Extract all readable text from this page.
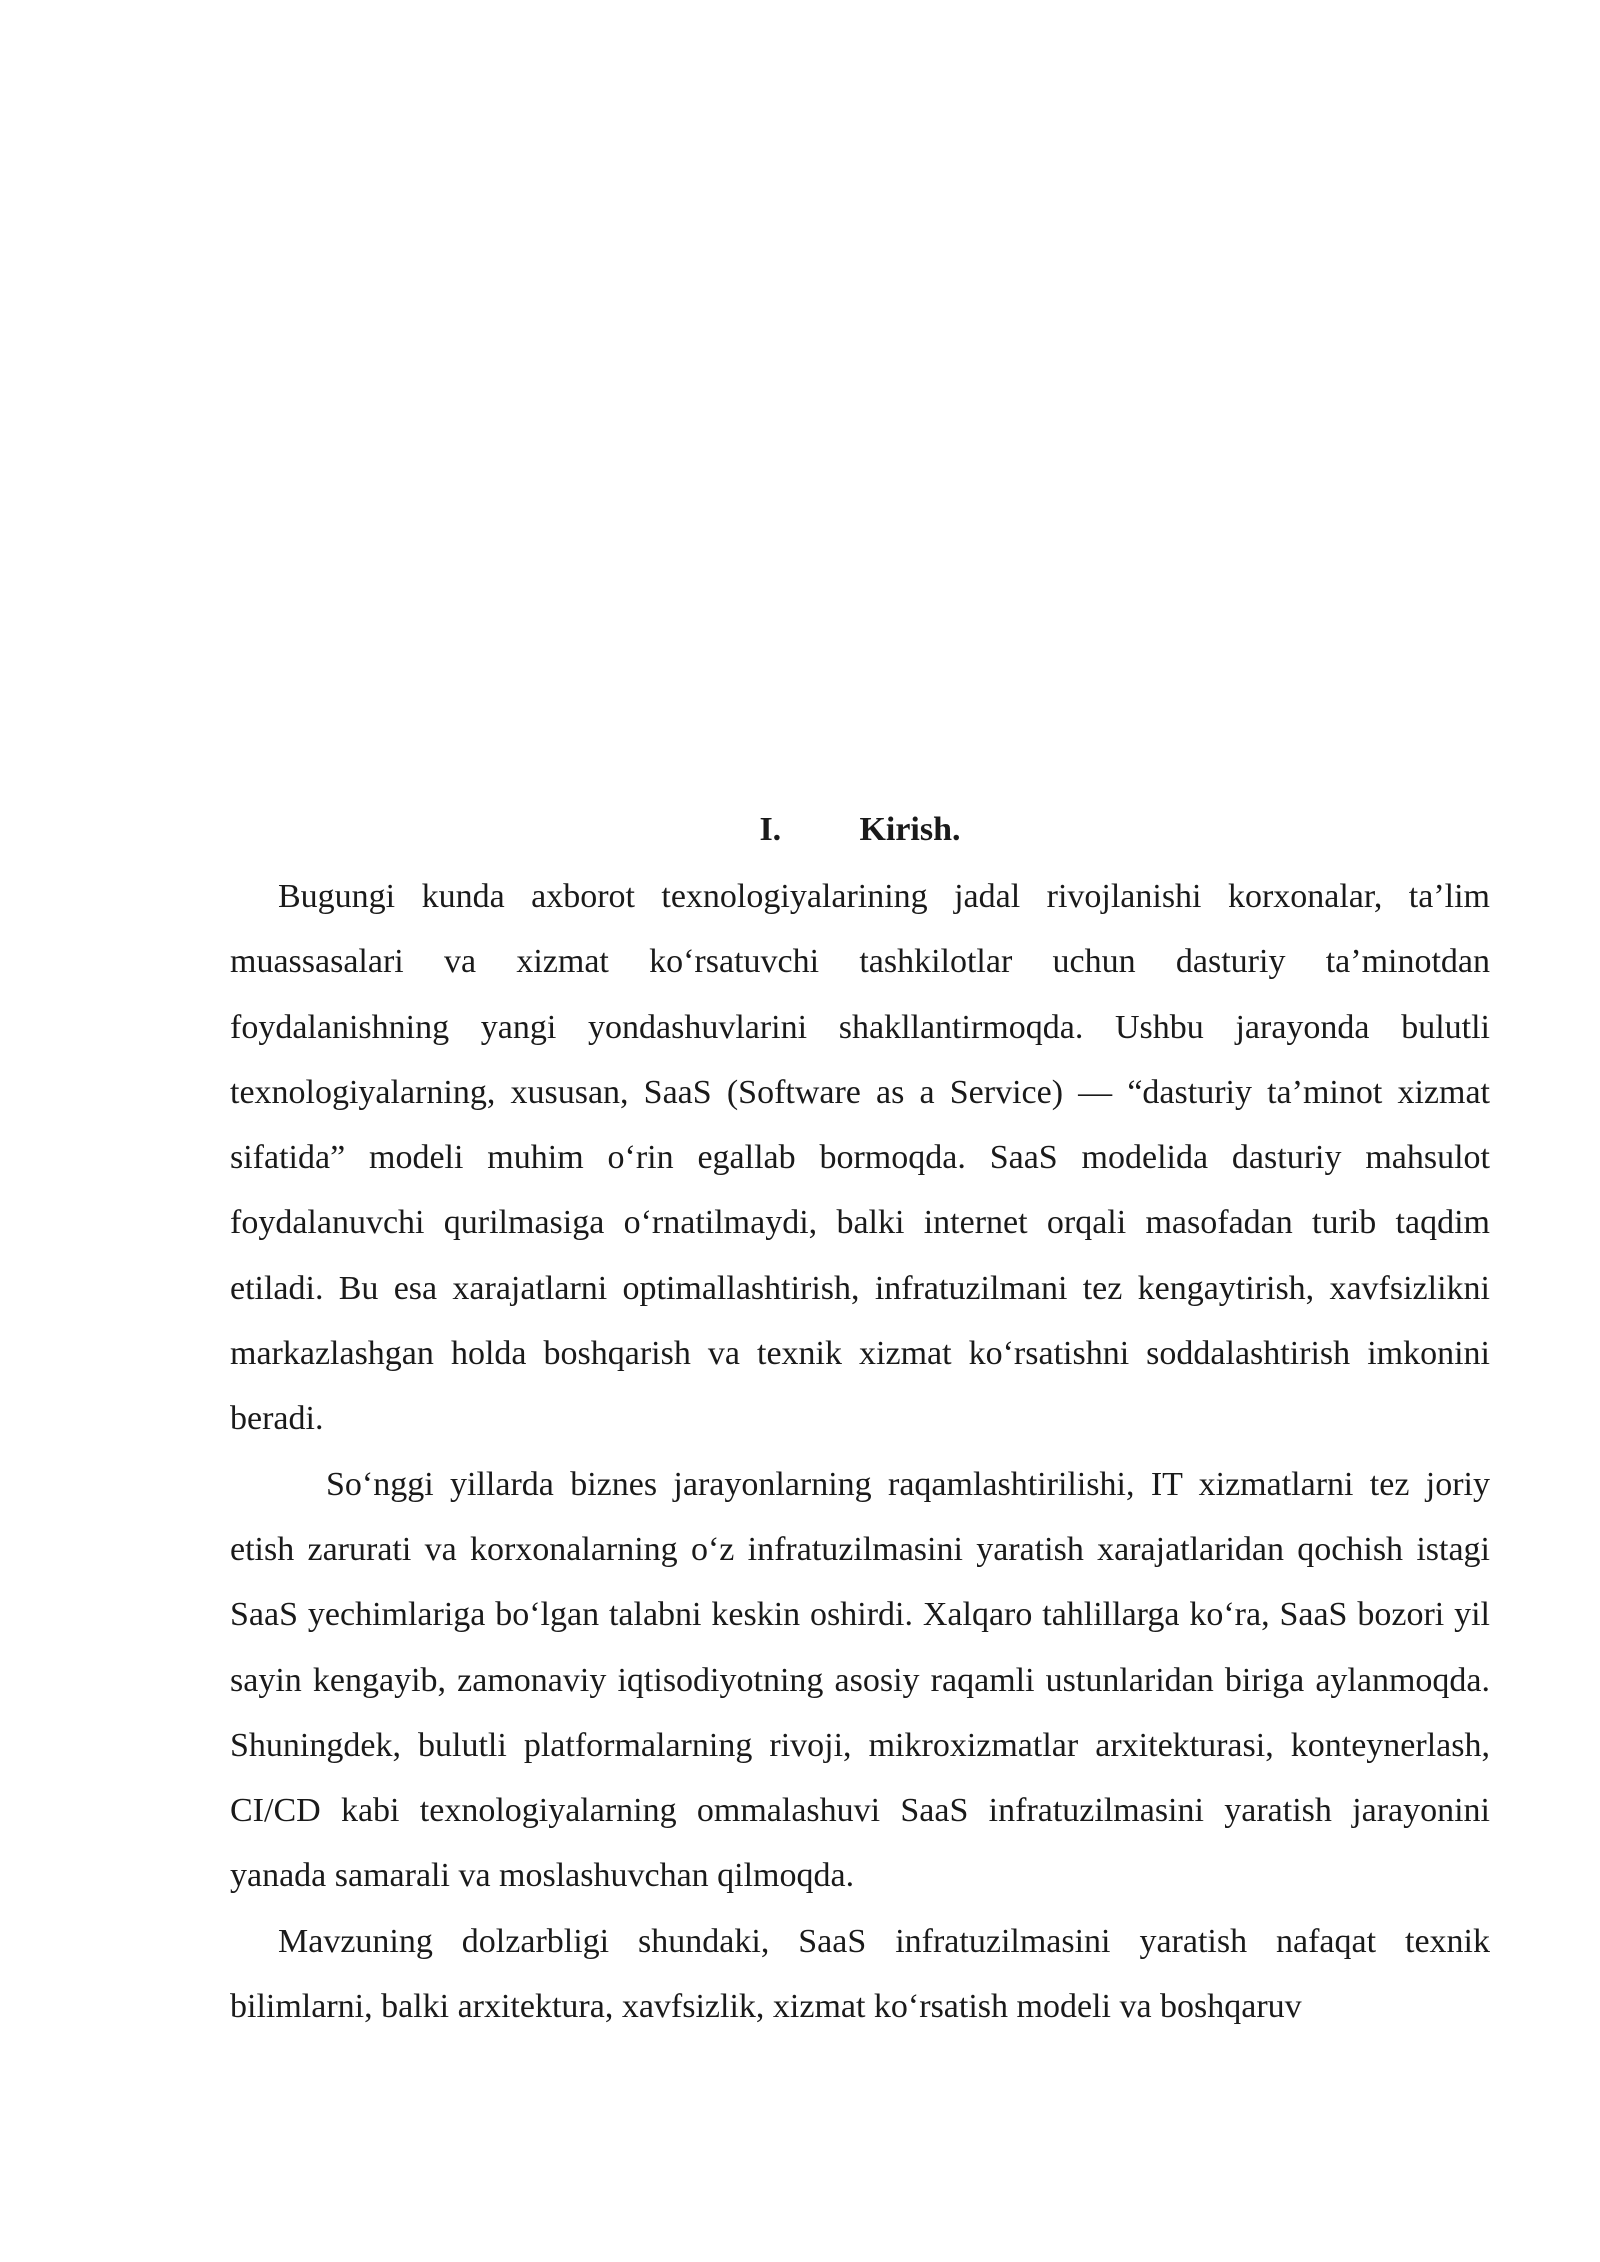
I. Kirish.

Bugungi kunda axborot texnologiyalarining jadal rivojlanishi korxonalar, ta’lim muassasalari va xizmat ko‘rsatuvchi tashkilotlar uchun dasturiy ta’minotdan foydalanishning yangi yondashuvlarini shakllantirmoqda. Ushbu jarayonda bulutli texnologiyalarning, xususan, SaaS (Software as a Service) — “dasturiy ta’minot xizmat sifatida” modeli muhim o‘rin egallab bormoqda. SaaS modelida dasturiy mahsulot foydalanuvchi qurilmasiga o‘rnatilmaydi, balki internet orqali masofadan turib taqdim etiladi. Bu esa xarajatlarni optimallashtirish, infratuzilmani tez kengaytirish, xavfsizlikni markazlashgan holda boshqarish va texnik xizmat ko‘rsatishni soddalashtirish imkonini beradi.

So‘nggi yillarda biznes jarayonlarning raqamlashtirilishi, IT xizmatlarni tez joriy etish zarurati va korxonalarning o‘z infratuzilmasini yaratish xarajatlaridan qochish istagi SaaS yechimlariga bo‘lgan talabni keskin oshirdi. Xalqaro tahlillarga ko‘ra, SaaS bozori yil sayin kengayib, zamonaviy iqtisodiyotning asosiy raqamli ustunlaridan biriga aylanmoqda. Shuningdek, bulutli platformalarning rivoji, mikroxizmatlar arxitekturasi, konteynerlash, CI/CD kabi texnologiyalarning ommalashuvi SaaS infratuzilmasini yaratish jarayonini yanada samarali va moslashuvchan qilmoqda.

Mavzuning dolzarbligi shundaki, SaaS infratuzilmasini yaratish nafaqat texnik bilimlarni, balki arxitektura, xavfsizlik, xizmat ko‘rsatish modeli va boshqaruv
